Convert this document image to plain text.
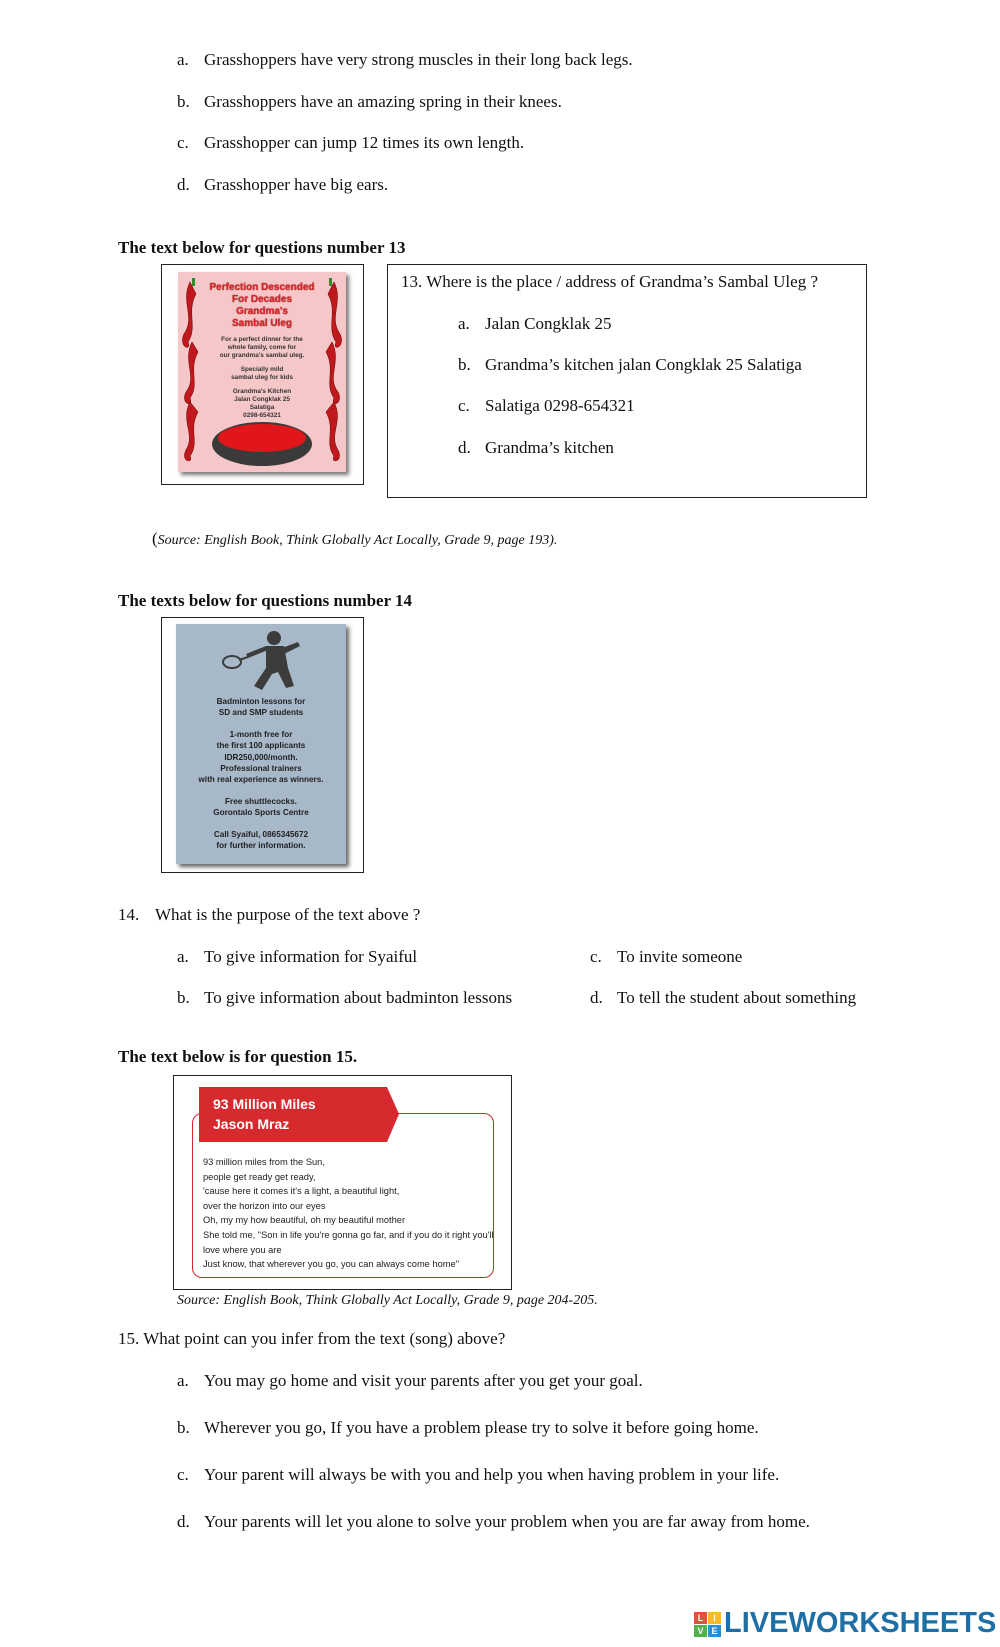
a. Grasshoppers have very strong muscles in their long back legs.
b. Grasshoppers have an amazing spring in their knees.
c. Grasshopper can jump 12 times its own length.
d. Grasshopper have big ears.
The text below for questions number 13
Perfection Descended
For Decades
Grandma's
Sambal Uleg
For a perfect dinner for the
whole family, come for
our grandma's sambal uleg.
Specially mild
sambal uleg for kids
Grandma's Kitchen
Jalan Congklak 25
Salatiga
0298-654321
13. Where is the place / address of Grandma’s Sambal Uleg ?
a. Jalan Congklak 25
b. Grandma’s kitchen jalan Congklak 25 Salatiga
c. Salatiga 0298-654321
d. Grandma’s kitchen
(Source: English Book, Think Globally Act Locally, Grade 9, page 193).
The texts below for questions number 14
Badminton lessons for
SD and SMP students
1-month free for
the first 100 applicants
IDR250,000/month.
Professional trainers
with real experience as winners.
Free shuttlecocks.
Gorontalo Sports Centre
Call Syaiful, 0865345672
for further information.
14. What is the purpose of the text above ?
a. To give information for Syaiful
b. To give information about badminton lessons
c. To invite someone
d. To tell the student about something
The text below is for question 15.
93 Million Miles
Jason Mraz
93 million miles from the Sun,
people get ready get ready,
'cause here it comes it's a light, a beautiful light,
over the horizon into our eyes
Oh, my my how beautiful, oh my beautiful mother
She told me, "Son in life you're gonna go far, and if you do it right you'll
love where you are
Just know, that wherever you go, you can always come home"
Source: English Book, Think Globally Act Locally, Grade 9, page 204-205.
15. What point can you infer from the text (song) above?
a. You may go home and visit your parents after you get your goal.
b. Wherever you go, If you have a problem please try to solve it before going home.
c. Your parent will always be with you and help you when having problem in your life.
d. Your parents will let you alone to solve your problem when you are far away from home.
L	I
V E LIVEWORKSHEETS
